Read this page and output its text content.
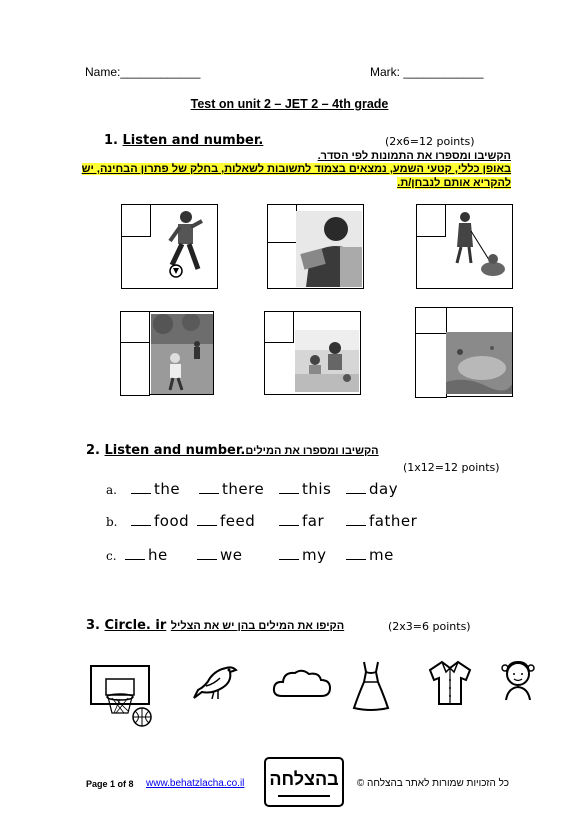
Name:____________	Mark: ____________
Test on unit 2 – JET 2 – 4th grade
1. Listen and number.	(2x6=12 points)
הקשיבו ומספרו את התמונות לפי הסדר.
באופן כללי, קטעי השמע, נמצאים בצמוד לתשובות לשאלות, בחלק של פתרון הבחינה, יש
להקריא אותם לנבחן/ת.
2. Listen and number.הקשיבו ומספרו את המילים
(1x12=12 points)
a.	the	there	this	day
b.	food	feed	far	father
c.	he	we	my	me
3. Circle. ir הקיפו את המילים בהן יש את הצליל	(2x3=6 points)
Page 1 of 8 www.behatzlacha.co.il בהצלחה	כל הזכויות שמורות לאתר בהצלחה ©
